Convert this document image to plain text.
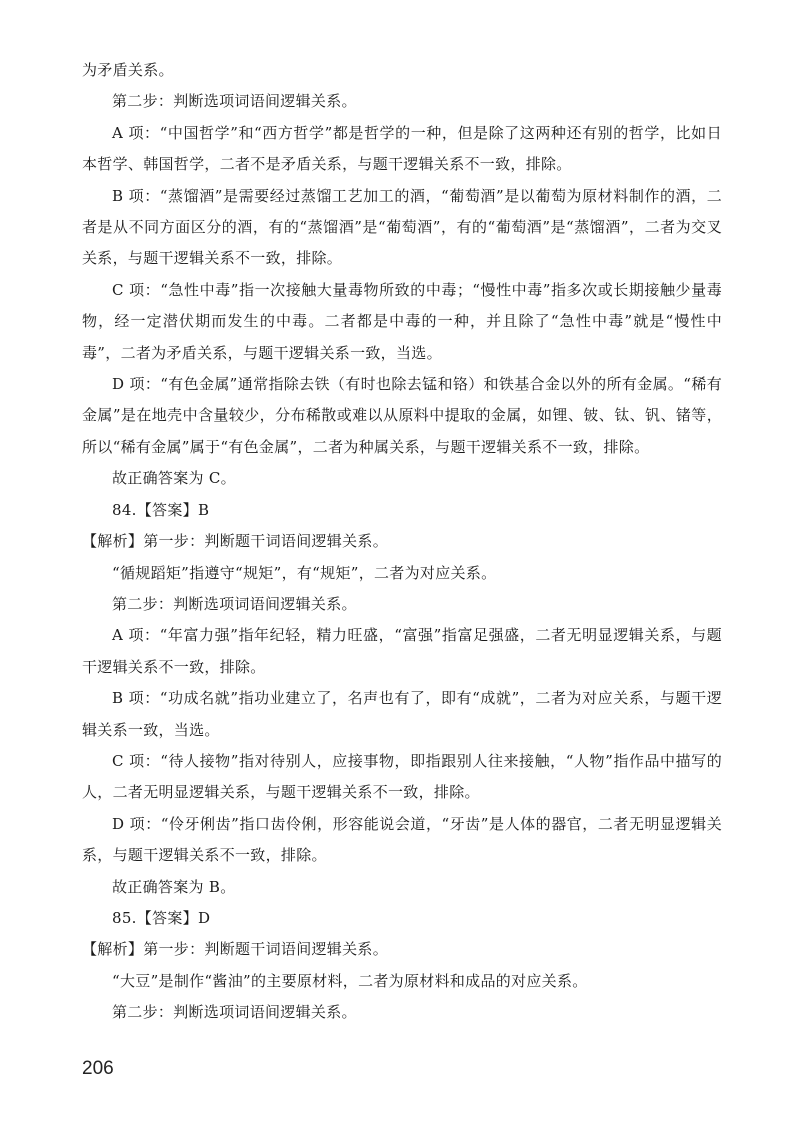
为矛盾关系。

第二步：判断选项词语间逻辑关系。

A 项：“中国哲学”和“西方哲学”都是哲学的一种，但是除了这两种还有别的哲学，比如日本哲学、韩国哲学，二者不是矛盾关系，与题干逻辑关系不一致，排除。

B 项：“蒸馏酒”是需要经过蒸馏工艺加工的酒，“葡萄酒”是以葡萄为原材料制作的酒，二者是从不同方面区分的酒，有的“蒸馏酒”是“葡萄酒”，有的“葡萄酒”是“蒸馏酒”，二者为交叉关系，与题干逻辑关系不一致，排除。

C 项：“急性中毒”指一次接触大量毒物所致的中毒；“慢性中毒”指多次或长期接触少量毒物，经一定潜伏期而发生的中毒。二者都是中毒的一种，并且除了“急性中毒”就是“慢性中毒”，二者为矛盾关系，与题干逻辑关系一致，当选。

D 项：“有色金属”通常指除去铁（有时也除去锰和铬）和铁基合金以外的所有金属。“稀有金属”是在地壳中含量较少，分布稀散或难以从原料中提取的金属，如锂、铍、钛、钒、锗等，所以“稀有金属”属于“有色金属”，二者为种属关系，与题干逻辑关系不一致，排除。

故正确答案为 C。

84.【答案】B

【解析】第一步：判断题干词语间逻辑关系。

“循规蹈矩”指遵守“规矩”，有“规矩”，二者为对应关系。

第二步：判断选项词语间逻辑关系。

A 项：“年富力强”指年纪轻，精力旺盛，“富强”指富足强盛，二者无明显逻辑关系，与题干逻辑关系不一致，排除。

B 项：“功成名就”指功业建立了，名声也有了，即有“成就”，二者为对应关系，与题干逻辑关系一致，当选。

C 项：“待人接物”指对待别人，应接事物，即指跟别人往来接触，“人物”指作品中描写的人，二者无明显逻辑关系，与题干逻辑关系不一致，排除。

D 项：“伶牙俐齿”指口齿伶俐，形容能说会道，“牙齿”是人体的器官，二者无明显逻辑关系，与题干逻辑关系不一致，排除。

故正确答案为 B。

85.【答案】D

【解析】第一步：判断题干词语间逻辑关系。

“大豆”是制作“酱油”的主要原材料，二者为原材料和成品的对应关系。

第二步：判断选项词语间逻辑关系。

206
